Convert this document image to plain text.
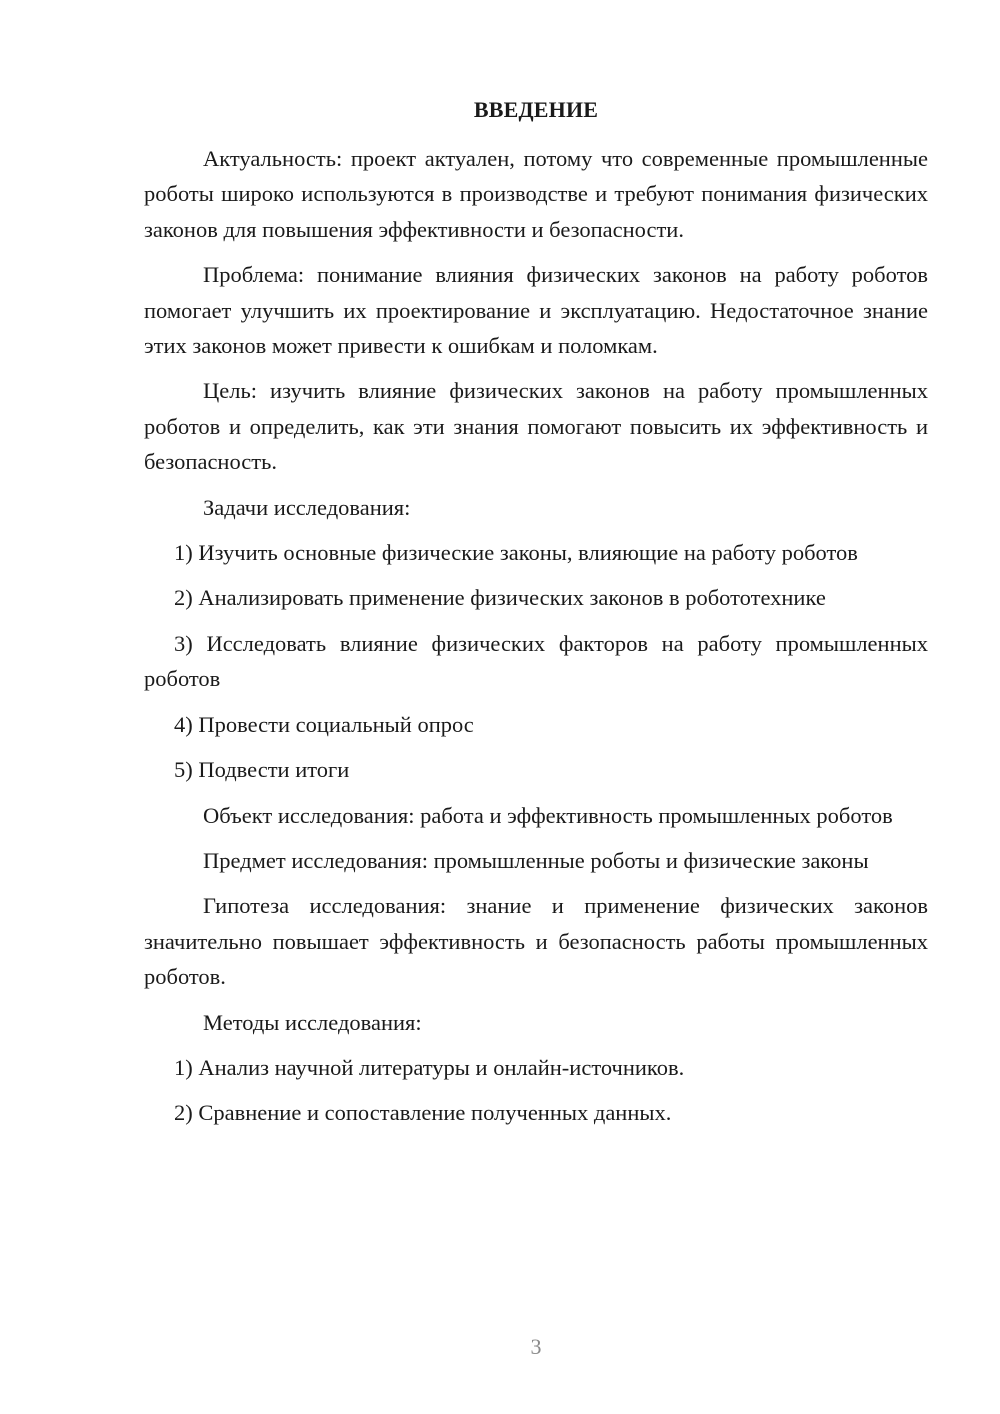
ВВЕДЕНИЕ

Актуальность: проект актуален, потому что современные промышленные роботы широко используются в производстве и требуют понимания физических законов для повышения эффективности и безопасности.

Проблема: понимание влияния физических законов на работу роботов помогает улучшить их проектирование и эксплуатацию. Недостаточное знание этих законов может привести к ошибкам и поломкам.

Цель: изучить влияние физических законов на работу промышленных роботов и определить, как эти знания помогают повысить их эффективность и безопасность.

Задачи исследования:

1) Изучить основные физические законы, влияющие на работу роботов

2) Анализировать применение физических законов в робототехнике

3) Исследовать влияние физических факторов на работу промышленных роботов

4) Провести социальный опрос

5) Подвести итоги

Объект исследования: работа и эффективность промышленных роботов

Предмет исследования: промышленные роботы и физические законы

Гипотеза исследования: знание и применение физических законов значительно повышает эффективность и безопасность работы промышленных роботов.

Методы исследования:

1) Анализ научной литературы и онлайн-источников.

2) Сравнение и сопоставление полученных данных.

3
